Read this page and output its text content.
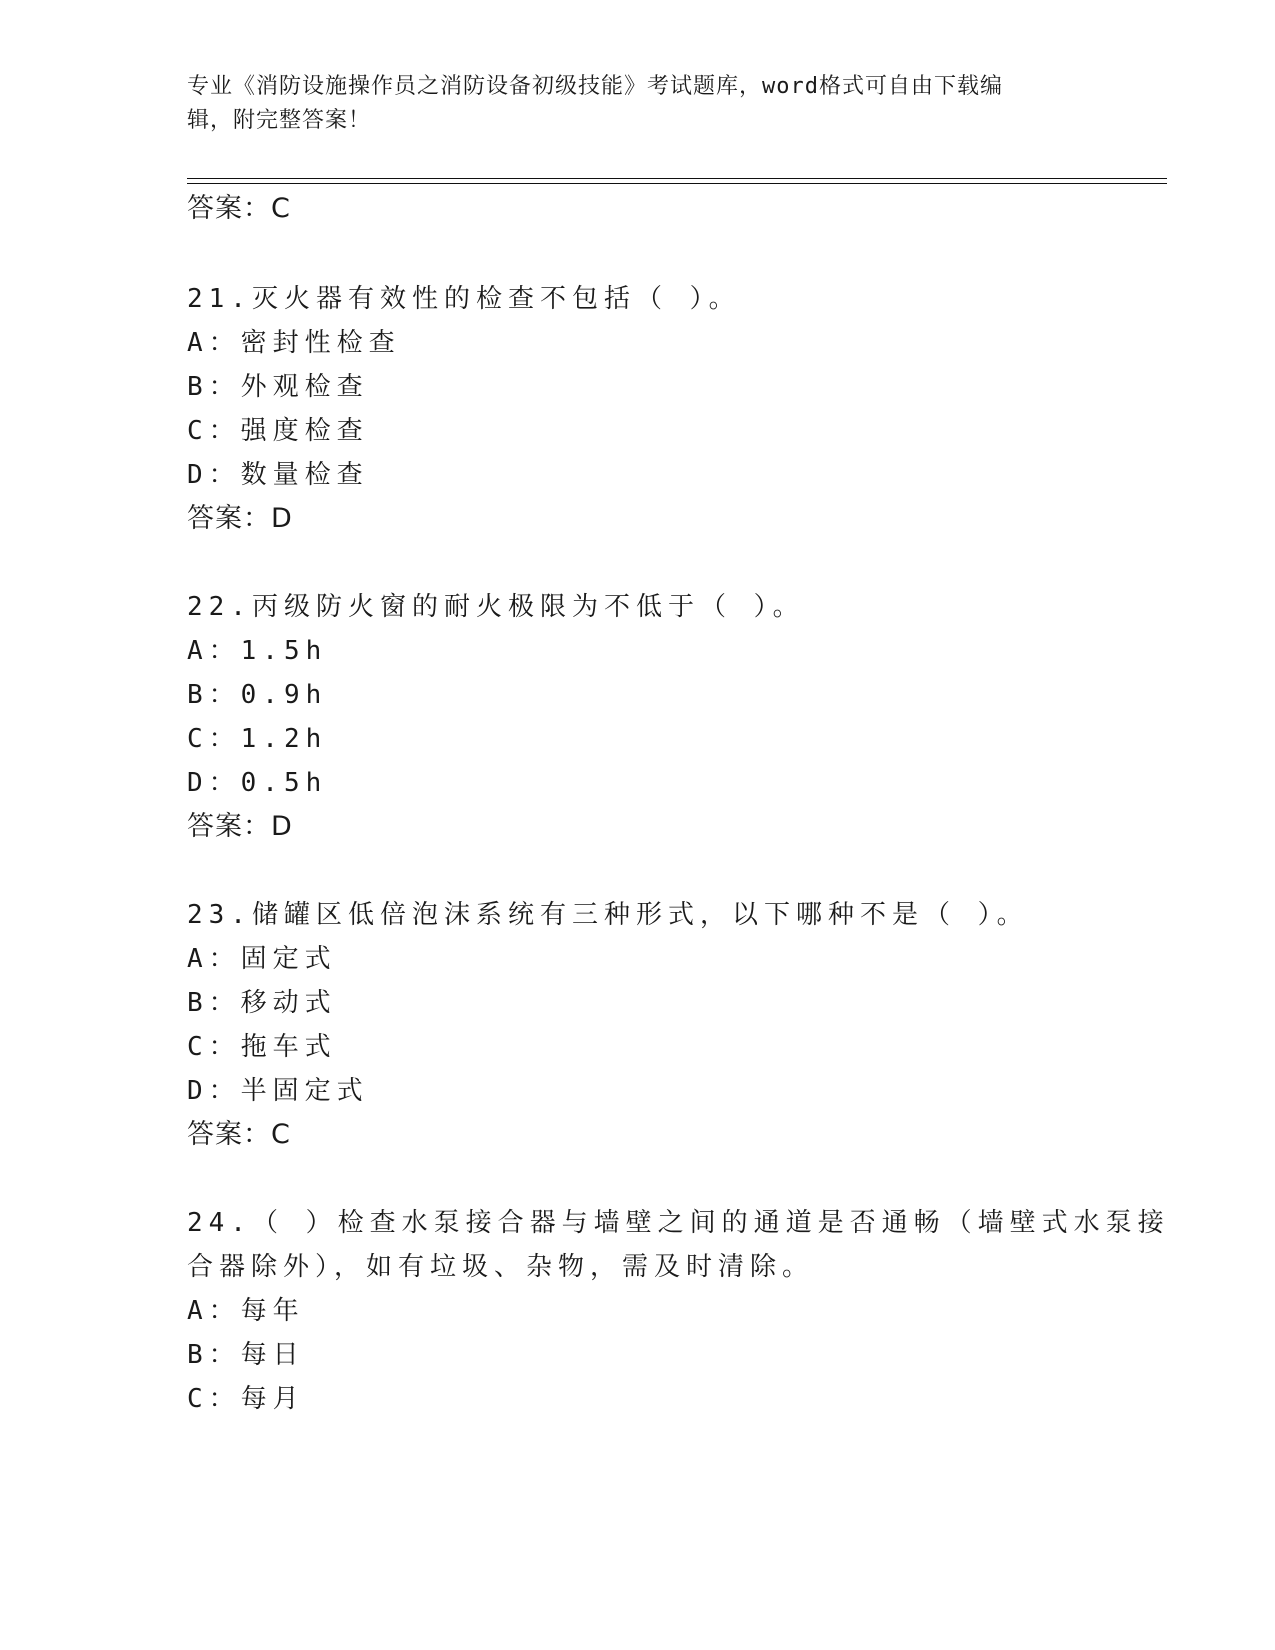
专业《消防设施操作员之消防设备初级技能》考试题库，word格式可自由下载编
辑，附完整答案！
答案：C
21.灭火器有效性的检查不包括（ ）。
A：密封性检查
B：外观检查
C：强度检查
D：数量检查
答案：D
22.丙级防火窗的耐火极限为不低于（ ）。
A：1.5h
B：0.9h
C：1.2h
D：0.5h
答案：D
23.储罐区低倍泡沫系统有三种形式，以下哪种不是（ ）。
A：固定式
B：移动式
C：拖车式
D：半固定式
答案：C
24.（ ）检查水泵接合器与墙壁之间的通道是否通畅（墙壁式水泵接
合器除外），如有垃圾、杂物，需及时清除。
A：每年
B：每日
C：每月
